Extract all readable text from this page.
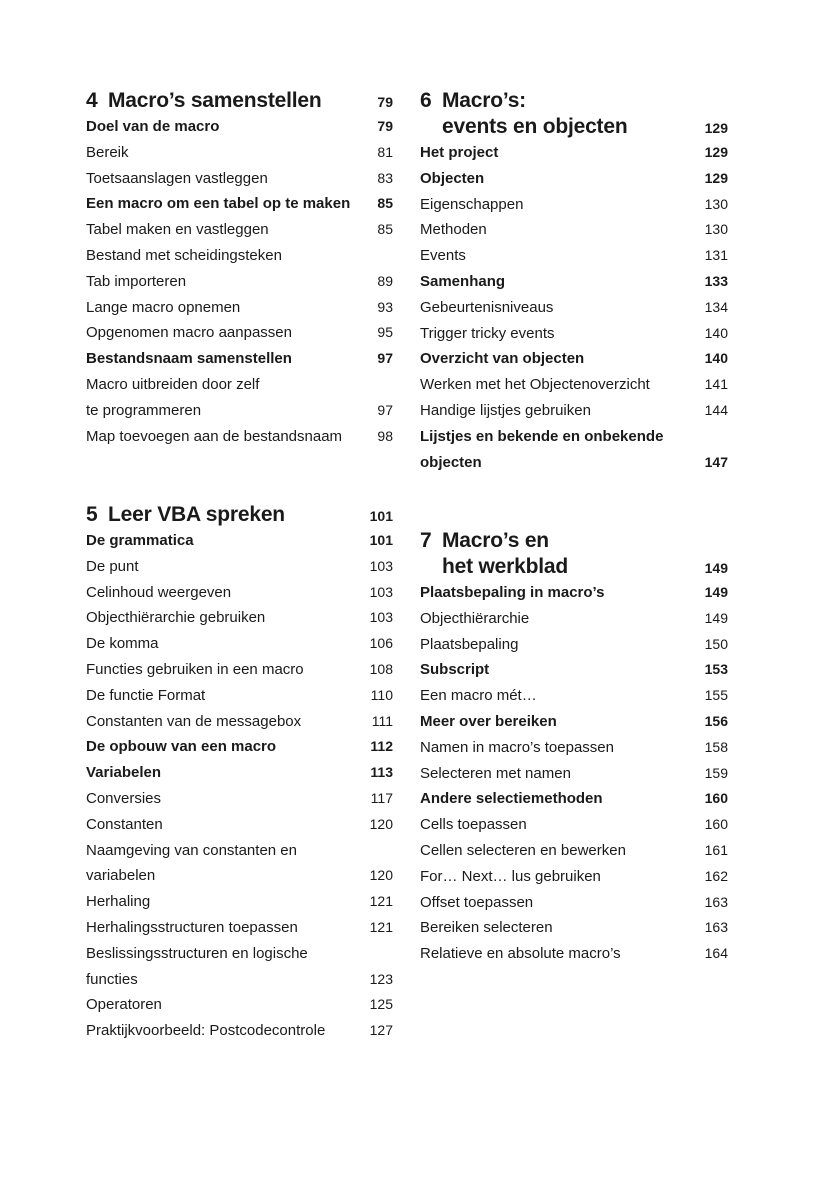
4 Macro’s samenstellen	79
Doel van de macro	79
Bereik	81
Toetsaanslagen vastleggen	83
Een macro om een tabel op te maken	85
Tabel maken en vastleggen	85
Bestand met scheidingsteken
Tab importeren	89
Lange macro opnemen	93
Opgenomen macro aanpassen	95
Bestandsnaam samenstellen	97
Macro uitbreiden door zelf
te programmeren	97
Map toevoegen aan de bestandsnaam	98
5 Leer VBA spreken	101
De grammatica	101
De punt	103
Celinhoud weergeven	103
Objecthiërarchie gebruiken	103
De komma	106
Functies gebruiken in een macro	108
De functie Format	110
Constanten van de messagebox	111
De opbouw van een macro	112
Variabelen	113
Conversies	117
Constanten	120
Naamgeving van constanten en
variabelen	120
Herhaling	121
Herhalingsstructuren toepassen	121
Beslissingsstructuren en logische
functies	123
Operatoren	125
Praktijkvoorbeeld: Postcodecontrole	127
6 Macro’s:
events en objecten	129
Het project	129
Objecten	129
Eigenschappen	130
Methoden	130
Events	131
Samenhang	133
Gebeurtenisniveaus	134
Trigger tricky events	140
Overzicht van objecten	140
Werken met het Objectenoverzicht	141
Handige lijstjes gebruiken	144
Lijstjes en bekende en onbekende
objecten	147
7 Macro’s en
het werkblad	149
Plaatsbepaling in macro’s	149
Objecthiërarchie	149
Plaatsbepaling	150
Subscript	153
Een macro mét…	155
Meer over bereiken	156
Namen in macro’s toepassen	158
Selecteren met namen	159
Andere selectiemethoden	160
Cells toepassen	160
Cellen selecteren en bewerken	161
For… Next… lus gebruiken	162
Offset toepassen	163
Bereiken selecteren	163
Relatieve en absolute macro’s	164
